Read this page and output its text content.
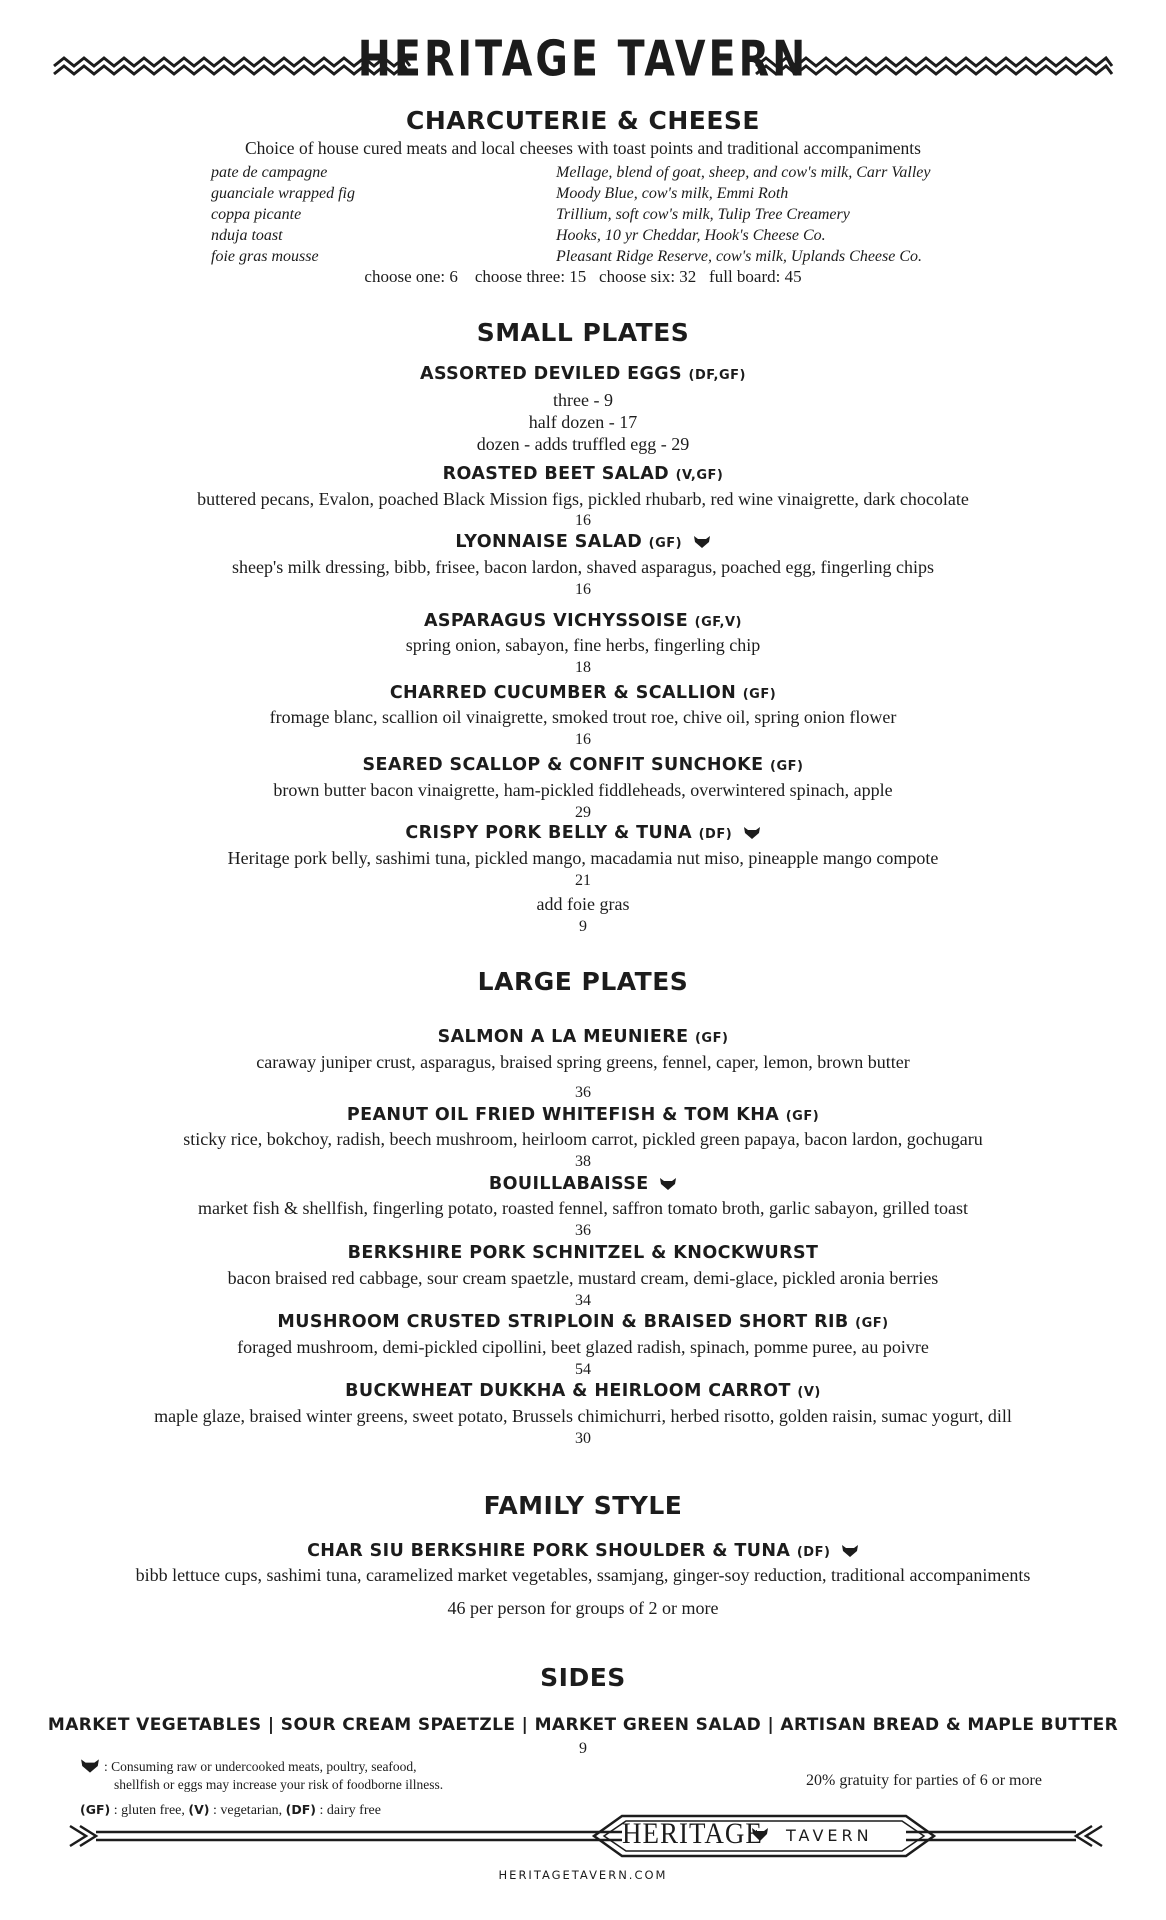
HERITAGE TAVERN
CHARCUTERIE & CHEESE
Choice of house cured meats and local cheeses with toast points and traditional accompaniments
pate de campagne
guanciale wrapped fig
coppa picante
nduja toast
foie gras mousse
Mellage, blend of goat, sheep, and cow's milk, Carr Valley
Moody Blue, cow's milk, Emmi Roth
Trillium, soft cow's milk, Tulip Tree Creamery
Hooks, 10 yr Cheddar, Hook's Cheese Co.
Pleasant Ridge Reserve, cow's milk, Uplands Cheese Co.
choose one: 6    choose three: 15   choose six: 32   full board: 45
SMALL PLATES
ASSORTED DEVILED EGGS (DF,GF)
three - 9
half dozen - 17
dozen - adds truffled egg - 29
ROASTED BEET SALAD (V,GF)
buttered pecans, Evalon, poached Black Mission figs, pickled rhubarb, red wine vinaigrette, dark chocolate
16
LYONNAISE SALAD (GF)
sheep's milk dressing, bibb, frisee, bacon lardon, shaved asparagus, poached egg, fingerling chips
16
ASPARAGUS VICHYSSOISE (GF,V)
spring onion, sabayon, fine herbs, fingerling chip
18
CHARRED CUCUMBER & SCALLION (GF)
fromage blanc, scallion oil vinaigrette, smoked trout roe, chive oil, spring onion flower
16
SEARED SCALLOP & CONFIT SUNCHOKE (GF)
brown butter bacon vinaigrette, ham-pickled fiddleheads, overwintered spinach, apple
29
CRISPY PORK BELLY & TUNA (DF)
Heritage pork belly, sashimi tuna, pickled mango, macadamia nut miso, pineapple mango compote
21
add foie gras
9
LARGE PLATES
SALMON A LA MEUNIERE (GF)
caraway juniper crust, asparagus, braised spring greens, fennel, caper, lemon, brown butter
36
PEANUT OIL FRIED WHITEFISH & TOM KHA (GF)
sticky rice, bokchoy, radish, beech mushroom, heirloom carrot, pickled green papaya, bacon lardon, gochugaru
38
BOUILLABAISSE
market fish & shellfish, fingerling potato, roasted fennel, saffron tomato broth, garlic sabayon, grilled toast
36
BERKSHIRE PORK SCHNITZEL & KNOCKWURST
bacon braised red cabbage, sour cream spaetzle, mustard cream, demi-glace, pickled aronia berries
34
MUSHROOM CRUSTED STRIPLOIN & BRAISED SHORT RIB (GF)
foraged mushroom, demi-pickled cipollini, beet glazed radish, spinach, pomme puree, au poivre
54
BUCKWHEAT DUKKHA & HEIRLOOM CARROT (V)
maple glaze, braised winter greens, sweet potato, Brussels chimichurri, herbed risotto, golden raisin, sumac yogurt, dill
30
FAMILY STYLE
CHAR SIU BERKSHIRE PORK SHOULDER & TUNA (DF)
bibb lettuce cups, sashimi tuna, caramelized market vegetables, ssamjang, ginger-soy reduction, traditional accompaniments
46 per person for groups of 2 or more
SIDES
MARKET VEGETABLES | SOUR CREAM SPAETZLE | MARKET GREEN SALAD | ARTISAN BREAD & MAPLE BUTTER
9
: Consuming raw or undercooked meats, poultry, seafood,
shellfish or eggs may increase your risk of foodborne illness.	20% gratuity for parties of 6 or more
(GF) : gluten free, (V) : vegetarian, (DF) : dairy free
HERITAGE TAVERN
HERITAGETAVERN.COM
